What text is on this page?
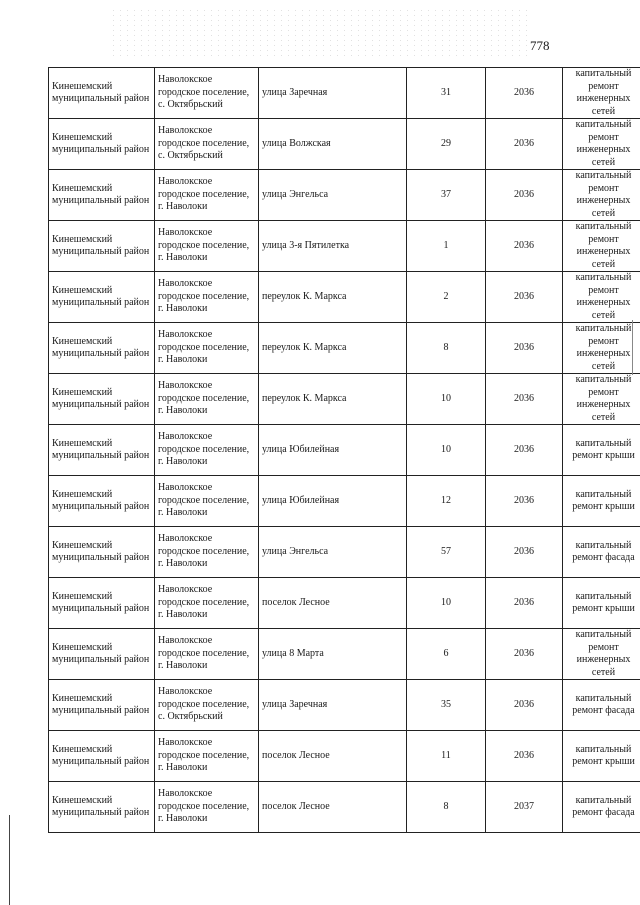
778
Кинешемский муниципальный район	Наволокское городское поселение, с. Октябрьский	улица Заречная	31	2036	капитальный ремонт инженерных сетей
Кинешемский муниципальный район	Наволокское городское поселение, с. Октябрьский	улица Волжская	29	2036	капитальный ремонт инженерных сетей
Кинешемский муниципальный район	Наволокское городское поселение, г. Наволоки	улица Энгельса	37	2036	капитальный ремонт инженерных сетей
Кинешемский муниципальный район	Наволокское городское поселение, г. Наволоки	улица 3-я Пятилетка	1	2036	капитальный ремонт инженерных сетей
Кинешемский муниципальный район	Наволокское городское поселение, г. Наволоки	переулок К. Маркса	2	2036	капитальный ремонт инженерных сетей
Кинешемский муниципальный район	Наволокское городское поселение, г. Наволоки	переулок К. Маркса	8	2036	капитальный ремонт инженерных сетей
Кинешемский муниципальный район	Наволокское городское поселение, г. Наволоки	переулок К. Маркса	10	2036	капитальный ремонт инженерных сетей
Кинешемский муниципальный район	Наволокское городское поселение, г. Наволоки	улица Юбилейная	10	2036	капитальный ремонт крыши
Кинешемский муниципальный район	Наволокское городское поселение, г. Наволоки	улица Юбилейная	12	2036	капитальный ремонт крыши
Кинешемский муниципальный район	Наволокское городское поселение, г. Наволоки	улица Энгельса	57	2036	капитальный ремонт фасада
Кинешемский муниципальный район	Наволокское городское поселение, г. Наволоки	поселок Лесное	10	2036	капитальный ремонт крыши
Кинешемский муниципальный район	Наволокское городское поселение, г. Наволоки	улица 8 Марта	6	2036	капитальный ремонт инженерных сетей
Кинешемский муниципальный район	Наволокское городское поселение, с. Октябрьский	улица Заречная	35	2036	капитальный ремонт фасада
Кинешемский муниципальный район	Наволокское городское поселение, г. Наволоки	поселок Лесное	11	2036	капитальный ремонт крыши
Кинешемский муниципальный район	Наволокское городское поселение, г. Наволоки	поселок Лесное	8	2037	капитальный ремонт фасада
